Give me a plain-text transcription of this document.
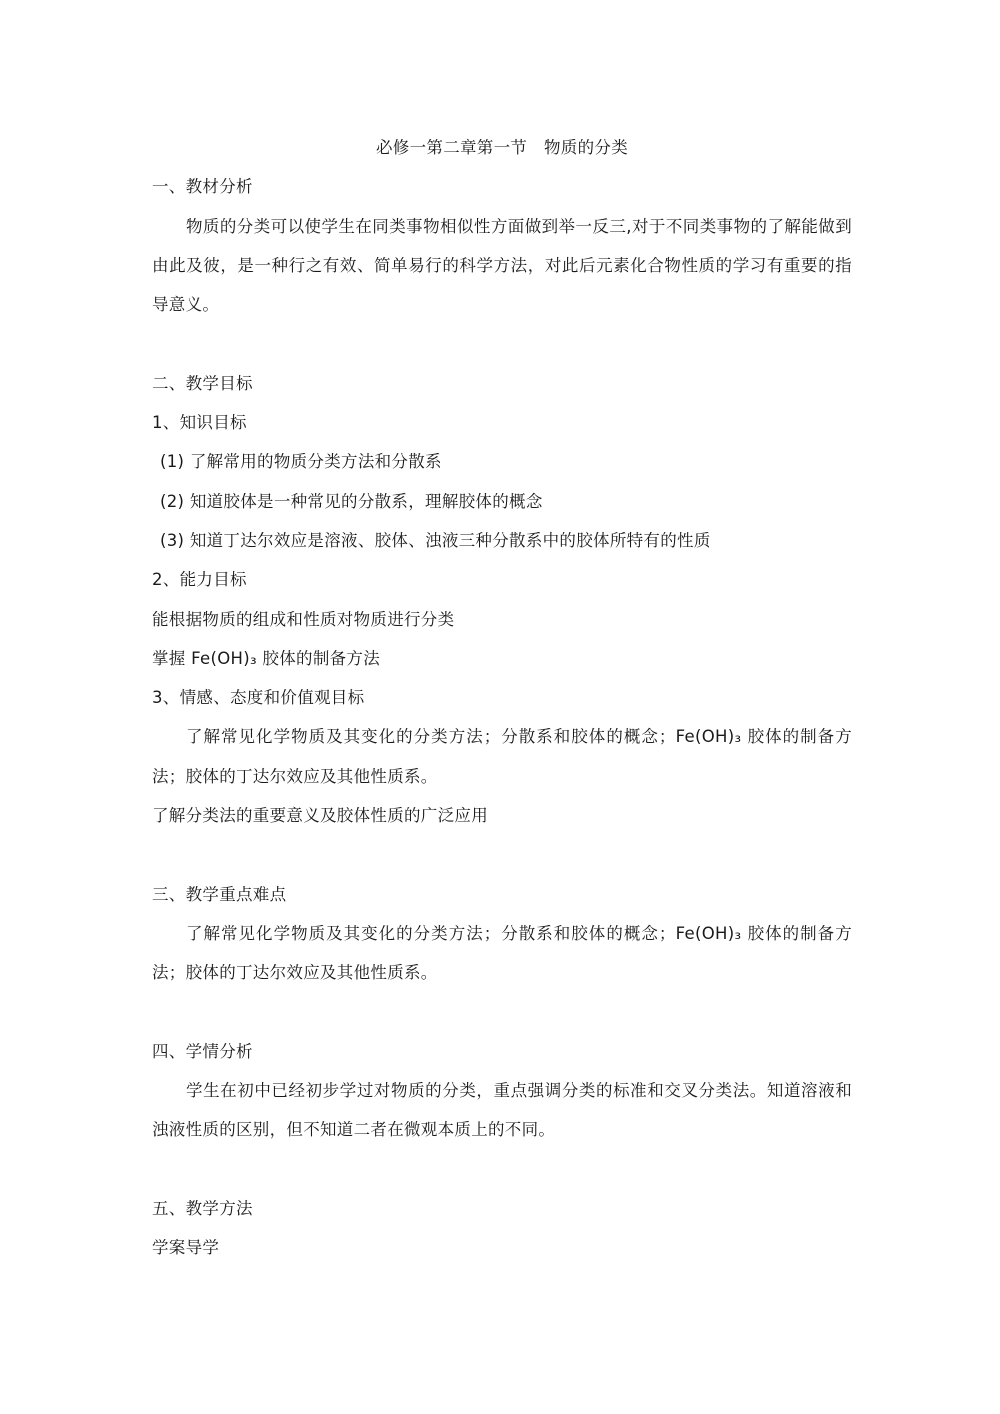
必修一第二章第一节　物质的分类
一、教材分析
物质的分类可以使学生在同类事物相似性方面做到举一反三,对于不同类事物的了解能做到由此及彼，是一种行之有效、简单易行的科学方法，对此后元素化合物性质的学习有重要的指导意义。
二、教学目标
1、知识目标
(1) 了解常用的物质分类方法和分散系
(2) 知道胶体是一种常见的分散系，理解胶体的概念
(3) 知道丁达尔效应是溶液、胶体、浊液三种分散系中的胶体所特有的性质
2、能力目标
能根据物质的组成和性质对物质进行分类
掌握 Fe(OH)₃ 胶体的制备方法
3、情感、态度和价值观目标
了解常见化学物质及其变化的分类方法；分散系和胶体的概念；Fe(OH)₃ 胶体的制备方法；胶体的丁达尔效应及其他性质系。
了解分类法的重要意义及胶体性质的广泛应用
三、教学重点难点
了解常见化学物质及其变化的分类方法；分散系和胶体的概念；Fe(OH)₃ 胶体的制备方法；胶体的丁达尔效应及其他性质系。
四、学情分析
学生在初中已经初步学过对物质的分类，重点强调分类的标准和交叉分类法。知道溶液和浊液性质的区别，但不知道二者在微观本质上的不同。
五、教学方法
学案导学
